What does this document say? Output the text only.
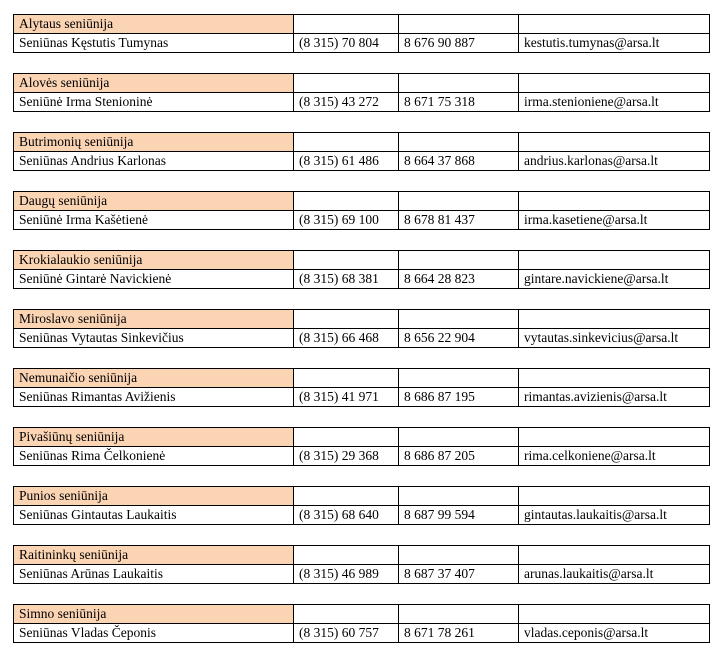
Alytaus seniūnija			
Seniūnas Kęstutis Tumynas	(8 315) 70 804	8 676 90 887	kestutis.tumynas@arsa.lt
Alovės seniūnija			
Seniūnė Irma Stenioninė	(8 315) 43 272	8 671 75 318	irma.stenioniene@arsa.lt
Butrimonių seniūnija			
Seniūnas Andrius Karlonas	(8 315) 61 486	8 664 37 868	andrius.karlonas@arsa.lt
Daugų seniūnija			
Seniūnė Irma Kašėtienė	(8 315) 69 100	8 678 81 437	irma.kasetiene@arsa.lt
Krokialaukio seniūnija			
Seniūnė Gintarė Navickienė	(8 315) 68 381	8 664 28 823	gintare.navickiene@arsa.lt
Miroslavo seniūnija			
Seniūnas Vytautas Sinkevičius	(8 315) 66 468	8 656 22 904	vytautas.sinkevicius@arsa.lt
Nemunaičio seniūnija			
Seniūnas Rimantas Avižienis	(8 315) 41 971	8 686 87 195	rimantas.avizienis@arsa.lt
Pivašiūnų seniūnija			
Seniūnas Rima Čelkonienė	(8 315) 29 368	8 686 87 205	rima.celkoniene@arsa.lt
Punios seniūnija			
Seniūnas Gintautas Laukaitis	(8 315) 68 640	8 687 99 594	gintautas.laukaitis@arsa.lt
Raitininkų seniūnija			
Seniūnas Arūnas Laukaitis	(8 315) 46 989	8 687 37 407	arunas.laukaitis@arsa.lt
Simno seniūnija			
Seniūnas Vladas Čeponis	(8 315) 60 757	8 671 78 261	vladas.ceponis@arsa.lt
